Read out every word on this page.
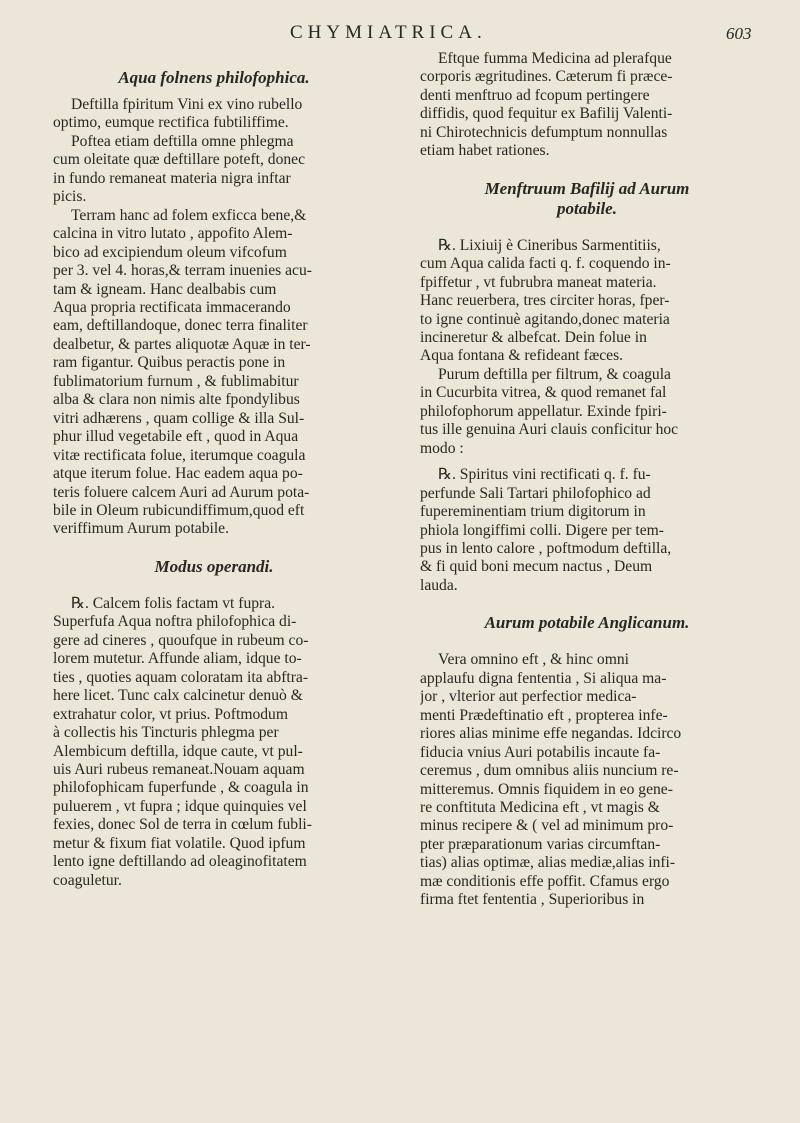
CHYMIATRICA.	603
Aqua folnens philofophica.
Deftilla fpiritum Vini ex vino rubello
optimo, eumque rectifica fubtiliffime.
Poftea etiam deftilla omne phlegma
cum oleitate quæ deftillare poteft, donec
in fundo remaneat materia nigra inftar
picis.
Terram hanc ad folem exficca bene,&
calcina in vitro lutato , appofito Alem-
bico ad excipiendum oleum vifcofum
per 3. vel 4. horas,& terram inuenies acu-
tam & igneam. Hanc dealbabis cum
Aqua propria rectificata immacerando
eam, deftillandoque, donec terra finaliter
dealbetur, & partes aliquotæ Aquæ in ter-
ram figantur. Quibus peractis pone in
fublimatorium furnum , & fublimabitur
alba & clara non nimis alte fpondylibus
vitri adhærens , quam collige & illa Sul-
phur illud vegetabile eft , quod in Aqua
vitæ rectificata folue, iterumque coagula
atque iterum folue. Hac eadem aqua po-
teris foluere calcem Auri ad Aurum pota-
bile in Oleum rubicundiffimum,quod eft
veriffimum Aurum potabile.
Modus operandi.
℞. Calcem folis factam vt fupra.
Superfufa Aqua noftra philofophica di-
gere ad cineres , quoufque in rubeum co-
lorem mutetur. Affunde aliam, idque to-
ties , quoties aquam coloratam ita abftra-
here licet. Tunc calx calcinetur denuò &
extrahatur color, vt prius. Poftmodum
à collectis his Tincturis phlegma per
Alembicum deftilla, idque caute, vt pul-
uis Auri rubeus remaneat.Nouam aquam
philofophicam fuperfunde , & coagula in
puluerem , vt fupra ; idque quinquies vel
fexies, donec Sol de terra in cœlum fubli-
metur & fixum fiat volatile. Quod ipfum
lento igne deftillando ad oleaginofitatem
coaguletur.
Eftque fumma Medicina ad plerafque
corporis ægritudines. Cæterum fi præce-
denti menftruo ad fcopum pertingere
diffidis, quod fequitur ex Bafilij Valenti-
ni Chirotechnicis defumptum nonnullas
etiam habet rationes.
Menftruum Bafilij ad Aurum
potabile.
℞. Lixiuij è Cineribus Sarmentitiis,
cum Aqua calida facti q. f. coquendo in-
fpiffetur , vt fubrubra maneat materia.
Hanc reuerbera, tres circiter horas, fper-
to igne continuè agitando,donec materia
incineretur & albefcat. Dein folue in
Aqua fontana & refideant fæces.
Purum deftilla per filtrum, & coagula
in Cucurbita vitrea, & quod remanet fal
philofophorum appellatur. Exinde fpiri-
tus ille genuina Auri clauis conficitur hoc
modo :
℞. Spiritus vini rectificati q. f. fu-
perfunde Sali Tartari philofophico ad
fupereminentiam trium digitorum in
phiola longiffimi colli. Digere per tem-
pus in lento calore , poftmodum deftilla,
& fi quid boni mecum nactus , Deum
lauda.
Aurum potabile Anglicanum.
Vera omnino eft , & hinc omni
applaufu digna fententia , Si aliqua ma-
jor , vlterior aut perfectior medica-
menti Prædeftinatio eft , propterea infe-
riores alias minime effe negandas. Idcirco
fiducia vnius Auri potabilis incaute fa-
ceremus , dum omnibus aliis nuncium re-
mitteremus. Omnis fiquidem in eo gene-
re conftituta Medicina eft , vt magis &
minus recipere & ( vel ad minimum pro-
pter præparationum varias circumftan-
tias) alias optimæ, alias mediæ,alias infi-
mæ conditionis effe poffit. Cfamus ergo
firma ftet fententia , Superioribus in
